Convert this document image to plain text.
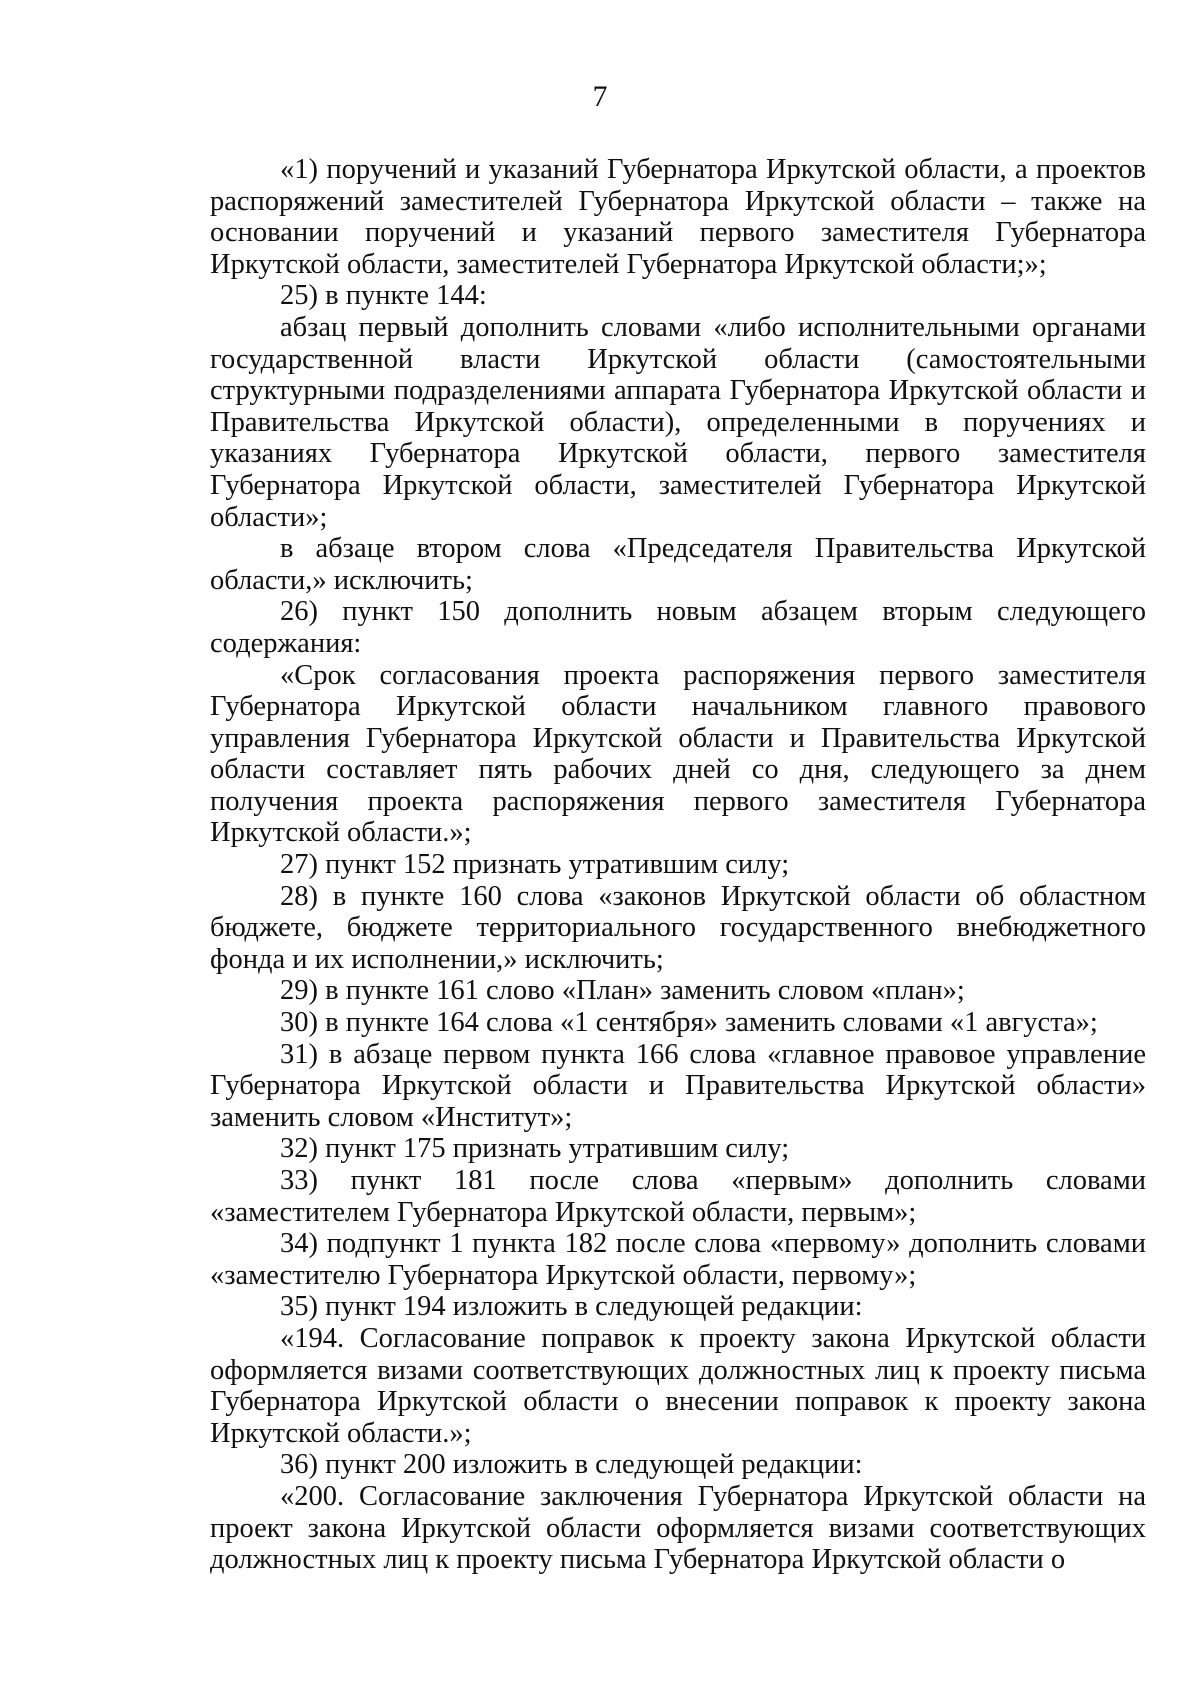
7

«1) поручений и указаний Губернатора Иркутской области, а проектов распоряжений заместителей Губернатора Иркутской области – также на основании поручений и указаний первого заместителя Губернатора Иркутской области, заместителей Губернатора Иркутской области;»;

25) в пункте 144:

абзац первый дополнить словами «либо исполнительными органами государственной власти Иркутской области (самостоятельными структурными подразделениями аппарата Губернатора Иркутской области и Правительства Иркутской области), определенными в поручениях и указаниях Губернатора Иркутской области, первого заместителя Губернатора Иркутской области, заместителей Губернатора Иркутской области»;

в абзаце втором слова «Председателя Правительства Иркутской области,» исключить;

26) пункт 150 дополнить новым абзацем вторым следующего содержания:

«Срок согласования проекта распоряжения первого заместителя Губернатора Иркутской области начальником главного правового управления Губернатора Иркутской области и Правительства Иркутской области составляет пять рабочих дней со дня, следующего за днем получения проекта распоряжения первого заместителя Губернатора Иркутской области.»;

27) пункт 152 признать утратившим силу;

28) в пункте 160 слова «законов Иркутской области об областном бюджете, бюджете территориального государственного внебюджетного фонда и их исполнении,» исключить;

29) в пункте 161 слово «План» заменить словом «план»;

30) в пункте 164 слова «1 сентября» заменить словами «1 августа»;

31) в абзаце первом пункта 166 слова «главное правовое управление Губернатора Иркутской области и Правительства Иркутской области» заменить словом «Институт»;

32) пункт 175 признать утратившим силу;

33) пункт 181 после слова «первым» дополнить словами «заместителем Губернатора Иркутской области, первым»;

34) подпункт 1 пункта 182 после слова «первому» дополнить словами «заместителю Губернатора Иркутской области, первому»;

35) пункт 194 изложить в следующей редакции:

«194. Согласование поправок к проекту закона Иркутской области оформляется визами соответствующих должностных лиц к проекту письма Губернатора Иркутской области о внесении поправок к проекту закона Иркутской области.»;

36) пункт 200 изложить в следующей редакции:

«200. Согласование заключения Губернатора Иркутской области на проект закона Иркутской области оформляется визами соответствующих должностных лиц к проекту письма Губернатора Иркутской области о
